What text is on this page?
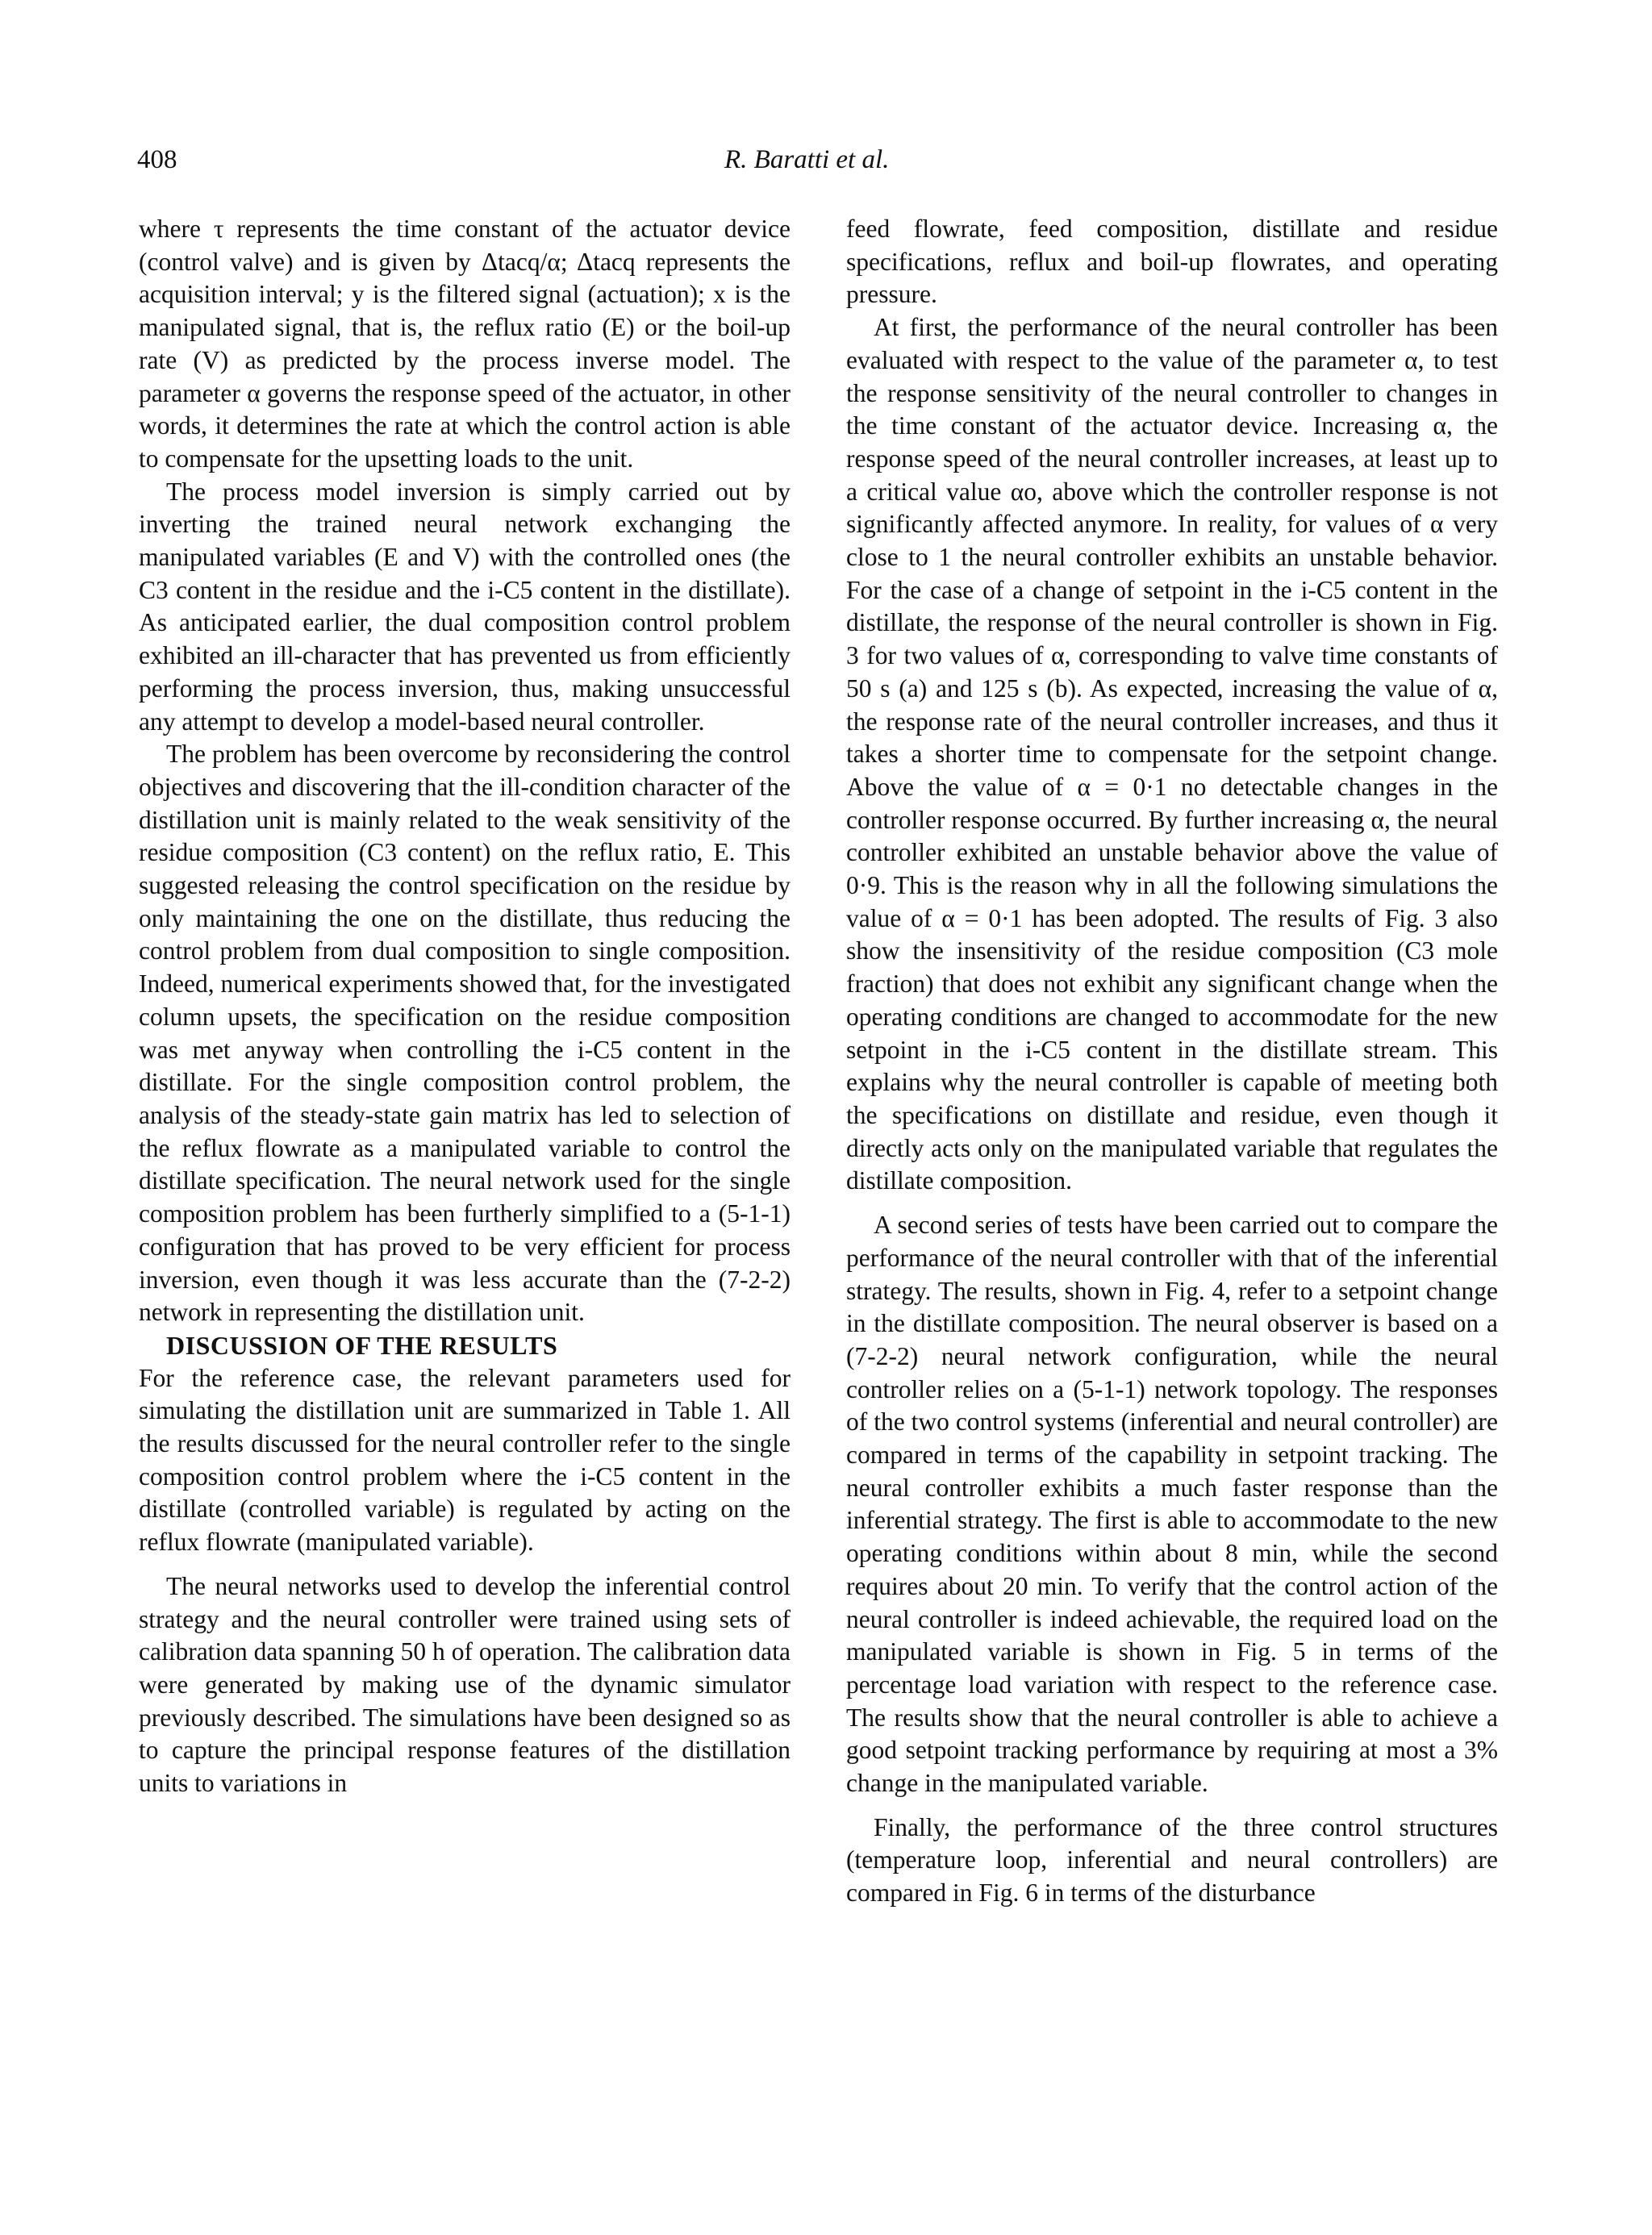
408	R. Baratti et al.

where τ represents the time constant of the actuator device (control valve) and is given by Δtacq/α; Δtacq represents the acquisition interval; y is the filtered signal (actuation); x is the manipulated signal, that is, the reflux ratio (E) or the boil-up rate (V) as predicted by the process inverse model. The parameter α governs the response speed of the actuator, in other words, it determines the rate at which the control action is able to compensate for the upsetting loads to the unit.

The process model inversion is simply carried out by inverting the trained neural network exchanging the manipulated variables (E and V) with the controlled ones (the C3 content in the residue and the i-C5 content in the distillate). As anticipated earlier, the dual composition control problem exhibited an ill-character that has prevented us from efficiently performing the process inversion, thus, making unsuccessful any attempt to develop a model-based neural controller.

The problem has been overcome by reconsidering the control objectives and discovering that the ill-condition character of the distillation unit is mainly related to the weak sensitivity of the residue composition (C3 content) on the reflux ratio, E. This suggested releasing the control specification on the residue by only maintaining the one on the distillate, thus reducing the control problem from dual composition to single composition. Indeed, numerical experiments showed that, for the investigated column upsets, the specification on the residue composition was met anyway when controlling the i-C5 content in the distillate. For the single composition control problem, the analysis of the steady-state gain matrix has led to selection of the reflux flowrate as a manipulated variable to control the distillate specification. The neural network used for the single composition problem has been furtherly simplified to a (5-1-1) configuration that has proved to be very efficient for process inversion, even though it was less accurate than the (7-2-2) network in representing the distillation unit.

DISCUSSION OF THE RESULTS

For the reference case, the relevant parameters used for simulating the distillation unit are summarized in Table 1. All the results discussed for the neural controller refer to the single composition control problem where the i-C5 content in the distillate (controlled variable) is regulated by acting on the reflux flowrate (manipulated variable).

The neural networks used to develop the inferential control strategy and the neural controller were trained using sets of calibration data spanning 50 h of operation. The calibration data were generated by making use of the dynamic simulator previously described. The simulations have been designed so as to capture the principal response features of the distillation units to variations in

feed flowrate, feed composition, distillate and residue specifications, reflux and boil-up flowrates, and operating pressure.

At first, the performance of the neural controller has been evaluated with respect to the value of the parameter α, to test the response sensitivity of the neural controller to changes in the time constant of the actuator device. Increasing α, the response speed of the neural controller increases, at least up to a critical value αo, above which the controller response is not significantly affected anymore. In reality, for values of α very close to 1 the neural controller exhibits an unstable behavior. For the case of a change of setpoint in the i-C5 content in the distillate, the response of the neural controller is shown in Fig. 3 for two values of α, corresponding to valve time constants of 50 s (a) and 125 s (b). As expected, increasing the value of α, the response rate of the neural controller increases, and thus it takes a shorter time to compensate for the setpoint change. Above the value of α = 0·1 no detectable changes in the controller response occurred. By further increasing α, the neural controller exhibited an unstable behavior above the value of 0·9. This is the reason why in all the following simulations the value of α = 0·1 has been adopted. The results of Fig. 3 also show the insensitivity of the residue composition (C3 mole fraction) that does not exhibit any significant change when the operating conditions are changed to accommodate for the new setpoint in the i-C5 content in the distillate stream. This explains why the neural controller is capable of meeting both the specifications on distillate and residue, even though it directly acts only on the manipulated variable that regulates the distillate composition.

A second series of tests have been carried out to compare the performance of the neural controller with that of the inferential strategy. The results, shown in Fig. 4, refer to a setpoint change in the distillate composition. The neural observer is based on a (7-2-2) neural network configuration, while the neural controller relies on a (5-1-1) network topology. The responses of the two control systems (inferential and neural controller) are compared in terms of the capability in setpoint tracking. The neural controller exhibits a much faster response than the inferential strategy. The first is able to accommodate to the new operating conditions within about 8 min, while the second requires about 20 min. To verify that the control action of the neural controller is indeed achievable, the required load on the manipulated variable is shown in Fig. 5 in terms of the percentage load variation with respect to the reference case. The results show that the neural controller is able to achieve a good setpoint tracking performance by requiring at most a 3% change in the manipulated variable.

Finally, the performance of the three control structures (temperature loop, inferential and neural controllers) are compared in Fig. 6 in terms of the disturbance
